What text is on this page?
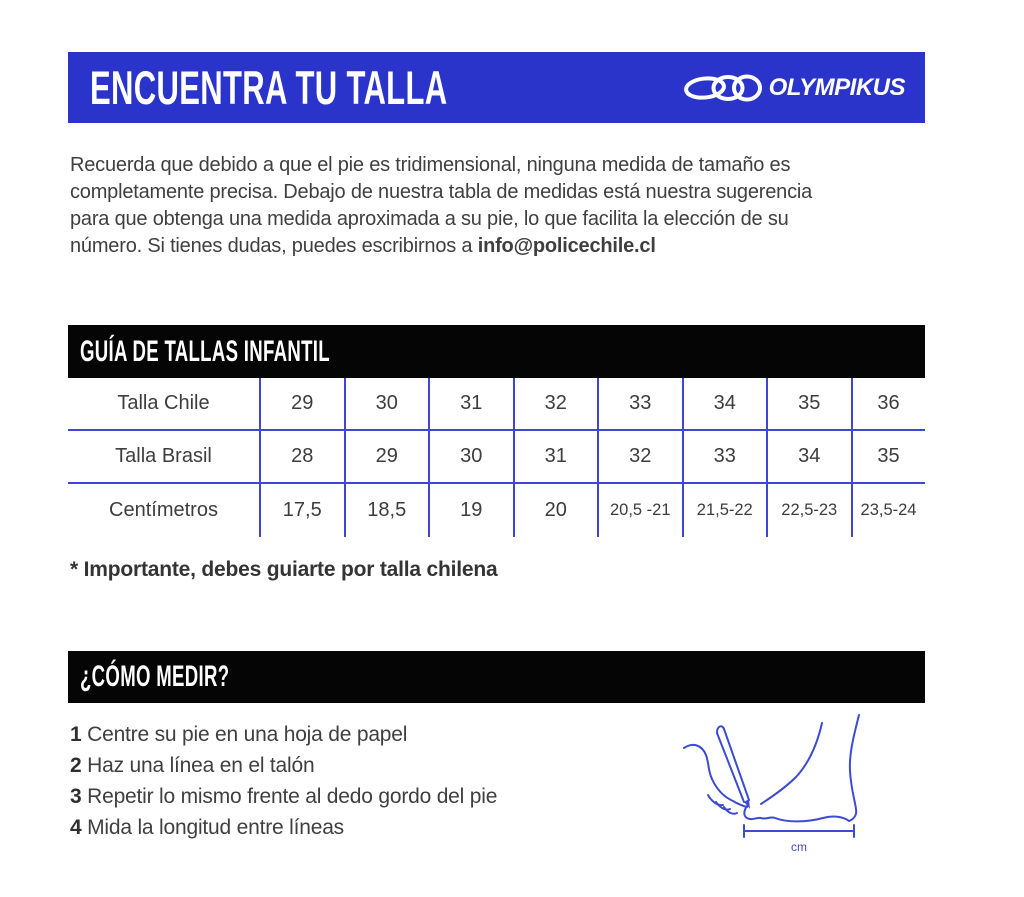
ENCUENTRA TU TALLA	OLYMPIKUS

Recuerda que debido a que el pie es tridimensional, ninguna medida de tamaño es
completamente precisa. Debajo de nuestra tabla de medidas está nuestra sugerencia
para que obtenga una medida aproximada a su pie, lo que facilita la elección de su
número. Si tienes dudas, puedes escribirnos a info@policechile.cl

GUÍA DE TALLAS INFANTIL
Talla Chile	29	30	31	32	33	34	35	36
Talla Brasil	28	29	30	31	32	33	34	35
Centímetros	17,5	18,5	19	20	20,5 -21	21,5-22	22,5-23	23,5-24

* Importante, debes guiarte por talla chilena

¿CÓMO MEDIR?
1 Centre su pie en una hoja de papel
2 Haz una línea en el talón
3 Repetir lo mismo frente al dedo gordo del pie
4 Mida la longitud entre líneas
cm
